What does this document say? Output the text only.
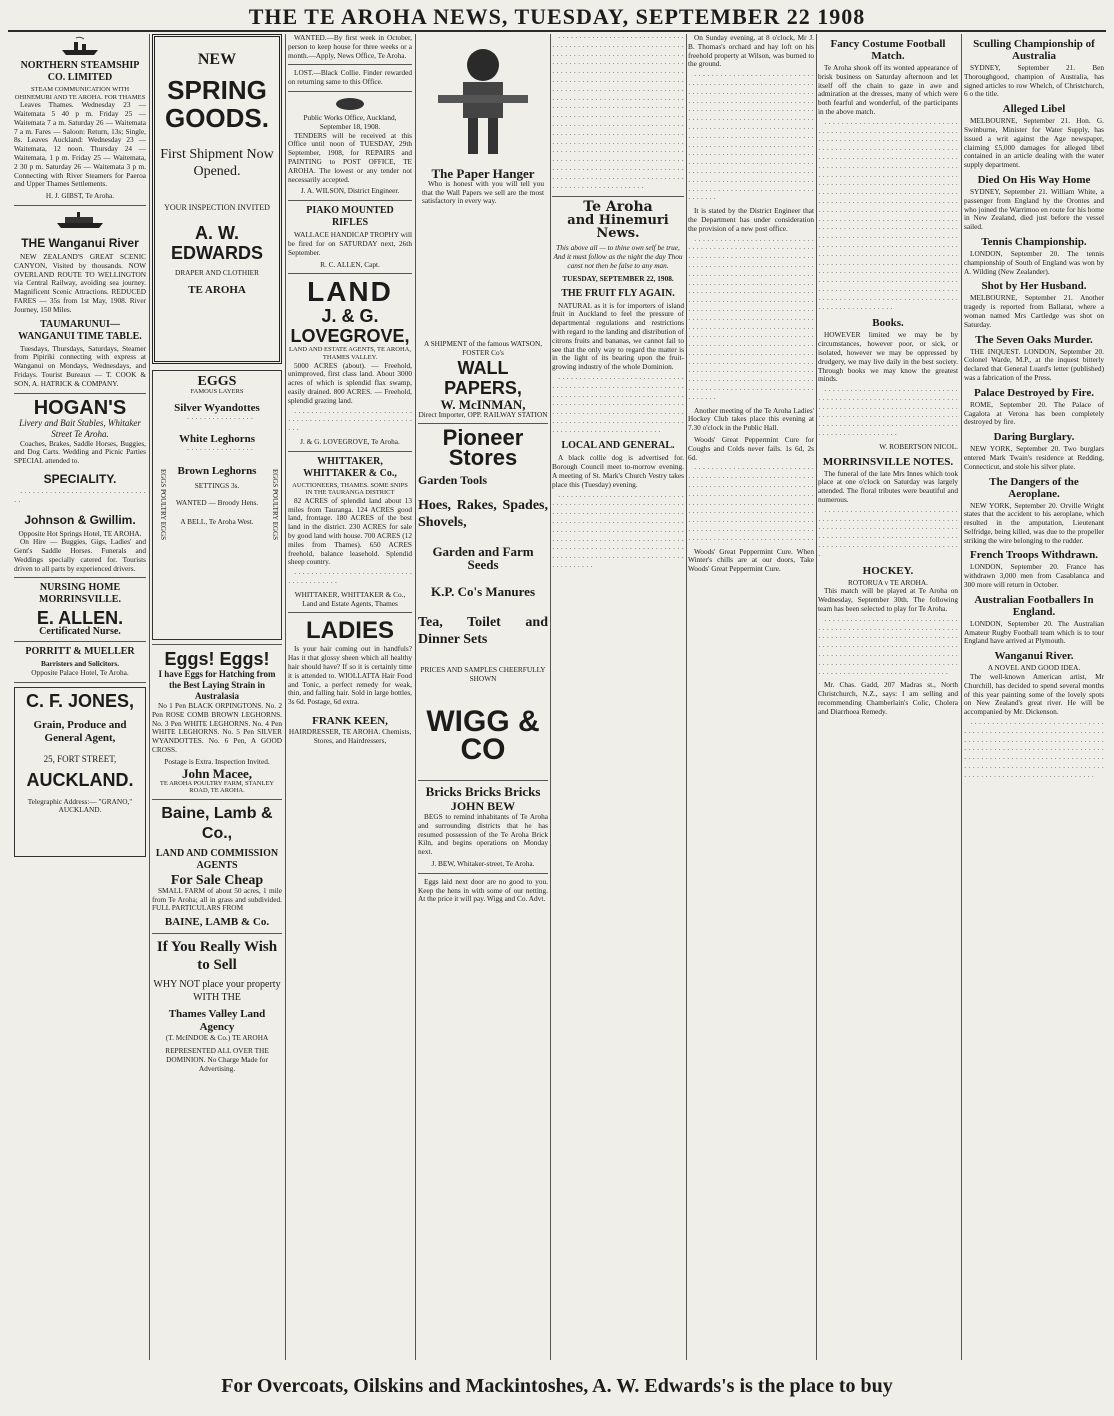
THE TE AROHA NEWS, TUESDAY, SEPTEMBER 22 1908
NORTHERN STEAMSHIP CO. LIMITED
STEAM COMMUNICATION WITH OHINEMURI AND TE AROHA. FOR THAMES
Leaves Thames. Wednesday 23 — Waitemata 5 40 p m. Friday 25 — Waitemata 7 a m. Saturday 26 — Waitemata 7 a m. Fares — Saloon: Return, 13s; Single, 8s. Leaves Auckland: Wednesday 23 — Waitemata, 12 noon. Thursday 24 — Waitemata, 1 p m. Friday 25 — Waitemata, 2 30 p m. Saturday 26 — Waitemata 3 p m. Connecting with River Steamers for Paeroa and Upper Thames Settlements.
H. J. GIBST, Te Aroha.
THE Wanganui River
NEW ZEALAND'S GREAT SCENIC CANYON, Visited by thousands. NOW OVERLAND ROUTE TO WELLINGTON via Central Railway, avoiding sea journey. Magnificent Scenic Attractions. REDUCED FARES — 35s from 1st May, 1908. River Journey, 150 Miles.
TAUMARUNUI—WANGANUI TIME TABLE.
Tuesdays, Thursdays, Saturdays, Steamer from Pipiriki connecting with express at Wanganui on Mondays, Wednesdays, and Fridays. Tourist Bureaux — T. COOK & SON, A. HATRICK & COMPANY.
HOGAN'S
Livery and Bait Stables, Whitaker Street Te Aroha.
Coaches, Brakes, Saddle Horses, Buggies, and Dog Carts. Wedding and Picnic Parties SPECIAL attended to.
SPECIALITY.
· · · · · · · · · · · · · · · · · · · · · · · · · · · · · · · ·
Johnson & Gwillim.
Opposite Hot Springs Hotel, TE AROHA.
On Hire — Buggies, Gigs, Ladies' and Gent's Saddle Horses. Funerals and Weddings specially catered for. Tourists driven to all parts by experienced drivers.
NURSING HOME MORRINSVILLE.
E. ALLEN.
Certificated Nurse.
PORRITT & MUELLER
Barristers and Solicitors.
Opposite Palace Hotel, Te Aroha.
C. F. JONES,
Grain, Produce and General Agent,
25, FORT STREET,
AUCKLAND.
Telegraphic Address:— "GRANO," AUCKLAND.
NEW
SPRING GOODS.
First Shipment Now Opened.
YOUR INSPECTION INVITED
A. W. EDWARDS
DRAPER AND CLOTHIER
TE AROHA
EGGS POULTRY EGGS	EGGS POULTRY EGGS
EGGS
FAMOUS LAYERS
Silver Wyandottes
· · · · · · · · · · · · · · · ·
White Leghorns
· · · · · · · · · · · · · · · ·
Brown Leghorns
SETTINGS 3s.
WANTED — Broody Hens.
A BELL, Te Aroha West.
Eggs! Eggs!
I have Eggs for Hatching from the Best Laying Strain in Australasia
No 1 Pen BLACK ORPINGTONS. No. 2 Pen ROSE COMB BROWN LEGHORNS. No. 3 Pen WHITE LEGHORNS. No. 4 Pen WHITE LEGHORNS. No. 5 Pen SILVER WYANDOTTES. No. 6 Pen, A GOOD CROSS.
Postage is Extra. Inspection Invited.
John Macee,
TE AROHA POULTRY FARM, STANLEY ROAD, TE AROHA.
Baine, Lamb & Co.,
LAND AND COMMISSION AGENTS
For Sale Cheap
SMALL FARM of about 50 acres, 1 mile from Te Aroha; all in grass and subdivided. FULL PARTICULARS FROM
BAINE, LAMB & Co.
If You Really Wish to Sell
WHY NOT place your property WITH THE
Thames Valley Land Agency
(T. McINDOE & Co.) TE AROHA
REPRESENTED ALL OVER THE DOMINION. No Charge Made for Advertising.
WANTED.—By first week in October, person to keep house for three weeks or a month.—Apply, News Office, Te Aroha.
LOST.—Black Collie. Finder rewarded on returning same to this Office.
Public Works Office, Auckland, September 18, 1908.
TENDERS will be received at this Office until noon of TUESDAY, 29th September, 1908, for REPAIRS and PAINTING to POST OFFICE, TE AROHA. The lowest or any tender not necessarily accepted.
J. A. WILSON, District Engineer.
PIAKO MOUNTED RIFLES
WALLACE HANDICAP TROPHY will be fired for on SATURDAY next, 26th September.
R. C. ALLEN, Capt.
LAND
J. & G. LOVEGROVE,
LAND AND ESTATE AGENTS, TE AROHA, THAMES VALLEY.
5000 ACRES (about). — Freehold, unimproved, first class land. About 3000 acres of which is splendid flax swamp, easily drained. 800 ACRES. — Freehold, splendid grazing land.
· · · · · · · · · · · · · · · · · · · · · · · · · · · · · · · · · · · · · · · · · · · · · · · · · · · · · · · · · · · ·
J. & G. LOVEGROVE, Te Aroha.
WHITTAKER, WHITTAKER & Co.,
AUCTIONEERS, THAMES. SOME SNIPS IN THE TAURANGA DISTRICT
82 ACRES of splendid land about 13 miles from Tauranga. 124 ACRES good land, frontage. 180 ACRES of the best land in the district. 230 ACRES for sale by good land with house. 700 ACRES (12 miles from Thames). 650 ACRES freehold, balance leasehold. Splendid sheep country.
· · · · · · · · · · · · · · · · · · · · · · · · · · · · · · · · · · · · · · · ·
WHITTAKER, WHITTAKER & Co., Land and Estate Agents, Thames
LADIES
Is your hair coming out in handfuls? Has it that glossy sheen which all healthy hair should have? If so it is certainly time it is attended to. WIOLLATTA Hair Food and Tonic, a perfect remedy for weak, thin, and falling hair. Sold in large bottles, 3s 6d. Postage, 6d extra.
FRANK KEEN,
HAIRDRESSER, TE AROHA. Chemists, Stores, and Hairdressers,
The Paper Hanger
Who is honest with you will tell you that the Wall Papers we sell are the most satisfactory in every way.
A SHIPMENT of the famous WATSON, FOSTER Co's
WALL PAPERS,
W. McINMAN,
Direct Importer, OPP. RAILWAY STATION
Pioneer Stores
Garden Tools
Hoes, Rakes, Spades, Shovels,
Garden and Farm Seeds
K.P. Co's Manures
Tea, Toilet and Dinner Sets
PRICES AND SAMPLES CHEERFULLY SHOWN
WIGG & CO
Bricks Bricks Bricks
JOHN BEW
BEGS to remind inhabitants of Te Aroha and surrounding districts that he has resumed possession of the Te Aroha Brick Kiln, and begins operations on Monday next.
J. BEW, Whitaker-street, Te Aroha.
Eggs laid next door are no good to you. Keep the hens in with some of our netting. At the price it will pay. Wigg and Co. Advt.
· · · · · · · · · · · · · · · · · · · · · · · · · · · · · · · · · · · · · · · · · · · · · · · · · · · · · · · · · · · · · · · · · · · · · · · · · · · · · · · · · · · · · · · · · · · · · · · · · · · · · · · · · · · · · · · · · · · · · · · · · · · · · · · · · · · · · · · · · · · · · · · · · · · · · · · · · · · · · · · · · · · · · · · · · · · · · · · · · · · · · · · · · · · · · · · · · · · · · · · · · · · · · · · · · · · · · · · · · · · · · · · · · · · · · · · · · · · · · · · · · · · · · · · · · · · · · · · · · · · · · · · · · · · · · · · · · · · · · · · · · · · · · · · · · · · · · · · · · · · · · · · · · · · · · · · · · · · · · · · · · · · · · · · · · · · · · · · · · · · · · · · · · · · · · · · · · · · · · · · · · · · · · · · · · · · · · · · · · · · · · · · · · · · · · · · · · · · · · · · · · · · · · · · · · · · · · · · · · · · · · · · · · · · · · · · · · · · · · · · · · · · · · · · · · · · · · · · · · · · · · · · · · · · · · · · · · · · · · · · · · · · · · · · · · · · · · · · · · · · · · · · · · · · · · · · · · · · · · · · · · · · · · · · · · · · · · · · · · · · · · · · · · · · ·
Te Aroha
and Hinemuri News.
This above all — to thine own self be true, And it must follow as the night the day Thou canst not then be false to any man.
TUESDAY, SEPTEMBER 22, 1908.
THE FRUIT FLY AGAIN.
NATURAL as it is for importers of island fruit in Auckland to feel the pressure of departmental regulations and restrictions with regard to the landing and distribution of citrons fruits and bananas, we cannot fail to see that the only way to regard the matter is in the light of its bearing upon the fruit-growing industry of the whole Dominion.
· · · · · · · · · · · · · · · · · · · · · · · · · · · · · · · · · · · · · · · · · · · · · · · · · · · · · · · · · · · · · · · · · · · · · · · · · · · · · · · · · · · · · · · · · · · · · · · · · · · · · · · · · · · · · · · · · · · · · · · · · · · · · · · · · · · · · · · · · · · · · · · · · · · · · · · · · · · · · · · · · · · · · · · · · · · · · · · · · · · · · · · · · · · · · · · · · · · · · · · · · · · · · · · · · · ·
LOCAL AND GENERAL.
A black collie dog is advertised for. Borough Council meet to-morrow evening. A meeting of St. Mark's Church Vestry takes place this (Tuesday) evening.
· · · · · · · · · · · · · · · · · · · · · · · · · · · · · · · · · · · · · · · · · · · · · · · · · · · · · · · · · · · · · · · · · · · · · · · · · · · · · · · · · · · · · · · · · · · · · · · · · · · · · · · · · · · · · · · · · · · · · · · · · · · · · · · · · · · · · · · · · · · · · · · · · · · · · · · · · · · · · · · · · · · · · · · · · · · · · · · · · · · · · · · · · · · · · · · · · · · · · · · · · · · · · · · · · · · · · · · · · · · · · · · · · · · · · · · · · · · · · · · · · · · · · · · · · · · · · · · · ·
On Sunday evening, at 8 o'clock, Mr J. B. Thomas's orchard and hay loft on his freehold property at Wilson, was burned to the ground.
· · · · · · · · · · · · · · · · · · · · · · · · · · · · · · · · · · · · · · · · · · · · · · · · · · · · · · · · · · · · · · · · · · · · · · · · · · · · · · · · · · · · · · · · · · · · · · · · · · · · · · · · · · · · · · · · · · · · · · · · · · · · · · · · · · · · · · · · · · · · · · · · · · · · · · · · · · · · · · · · · · · · · · · · · · · · · · · · · · · · · · · · · · · · · · · · · · · · · · · · · · · · · · · · · · · · · · · · · · · · · · · · · · · · · · · · · · · · · · · · · · · · · · · · · · · · · · · · · · · · · · · · · · · · · · · · · · · · · · · · · · · · · · · · · · · · · · · · · · · · · · · · · · · · · · · · · · · · · · · · · · · · · · · · · · · · · · · · · · · · · · · · · · · · · · · · · · · · · · · · · · · · · · · · · · · · · · · · · · · · · · · · · · · · · · · · · · · · · · · · · · · · · · · · · · · · · · · · · · · · · · · · ·
It is stated by the District Engineer that the Department has under consideration the provision of a new post office.
· · · · · · · · · · · · · · · · · · · · · · · · · · · · · · · · · · · · · · · · · · · · · · · · · · · · · · · · · · · · · · · · · · · · · · · · · · · · · · · · · · · · · · · · · · · · · · · · · · · · · · · · · · · · · · · · · · · · · · · · · · · · · · · · · · · · · · · · · · · · · · · · · · · · · · · · · · · · · · · · · · · · · · · · · · · · · · · · · · · · · · · · · · · · · · · · · · · · · · · · · · · · · · · · · · · · · · · · · · · · · · · · · · · · · · · · · · · · · · · · · · · · · · · · · · · · · · · · · · · · · · · · · · · · · · · · · · · · · · · · · · · · · · · · · · · · · · · · · · · · · · · · · · · · · · · · · · · · · · · · · · · · · · · · · · · · · · · · · · · · · · · · · · · · · · · · · · · · · · · · · · · · · · · · · · · · · · · · · · · · · · · · · · · · · · · · · · · · · · · · · · · · · · · · · · · · · · · · · · · · · · · · · · · · · · · · · · · · · · · · · · · · · · · · · · · · · · · · · · · · · · · · · · · · · · · · · · · · · · · · · · · · · · · · · · · · · · · · · · · · · · · · · · · · · · · · · · · · · · · · · · · · · · · · · · · · · · · · · · · · · · · · ·
Another meeting of the Te Aroha Ladies' Hockey Club takes place this evening at 7.30 o'clock in the Public Hall.
Woods' Great Peppermint Cure for Coughs and Colds never fails. 1s 6d, 2s 6d.
· · · · · · · · · · · · · · · · · · · · · · · · · · · · · · · · · · · · · · · · · · · · · · · · · · · · · · · · · · · · · · · · · · · · · · · · · · · · · · · · · · · · · · · · · · · · · · · · · · · · · · · · · · · · · · · · · · · · · · · · · · · · · · · · · · · · · · · · · · · · · · · · · · · · · · · · · · · · · · · · · · · · · · · · · · · · · · · · · · · · · · · · · · · · · · · · · · · · · · · · · · · · · · · · · · · · · · · · · · · · · · · · · · · · · · · · · · · · · · · · · · · · · · · · · · · · · · · · · · · · · · · · · · · ·
Woods' Great Peppermint Cure. When Winter's chills are at our doors, Take Woods' Great Peppermint Cure.
Fancy Costume Football Match.
Te Aroha shook off its wonted appearance of brisk business on Saturday afternoon and let itself off the chain to gaze in awe and admiration at the dresses, many of which were both fearful and wonderful, of the participants in the above match.
· · · · · · · · · · · · · · · · · · · · · · · · · · · · · · · · · · · · · · · · · · · · · · · · · · · · · · · · · · · · · · · · · · · · · · · · · · · · · · · · · · · · · · · · · · · · · · · · · · · · · · · · · · · · · · · · · · · · · · · · · · · · · · · · · · · · · · · · · · · · · · · · · · · · · · · · · · · · · · · · · · · · · · · · · · · · · · · · · · · · · · · · · · · · · · · · · · · · · · · · · · · · · · · · · · · · · · · · · · · · · · · · · · · · · · · · · · · · · · · · · · · · · · · · · · · · · · · · · · · · · · · · · · · · · · · · · · · · · · · · · · · · · · · · · · · · · · · · · · · · · · · · · · · · · · · · · · · · · · · · · · · · · · · · · · · · · · · · · · · · · · · · · · · · · · · · · · · · · · · · · · · · · · · · · · · · · · · · · · · · · · · · · · · · · · · · · · · · · · · · · · · · · · · · · · · · · · · · · · · · · · · · · · · · · · · · · · · · · · · · · · · · · · · · · · · · · · · · · · · · · · · · · · · · · · · · · · · · · · · · · · · · · · · · · · · · · · · · · · · · · · · · · · · · · · · · · · · · · · · · · · · · · · · · · · · · · · · · · · · · · · · · · · · · · · · · · · · · · · · · · · · · · · · · · · · · · · · · · · · · · · · · · · · · · · · · · · · · · · · · · · · · · · · · · · · · · · · · · · · · · · · · · · · · · · · · · · · · · · · · · · · · · · · · · · · · · · · · · · · · · · · · · · · · · · · · · · · · · · · · · · · · · · · · · · · · · · · · · · · · · · · · · · · · ·
Books.
HOWEVER limited we may be by circumstances, however poor, or sick, or isolated, however we may be oppressed by drudgery, we may live daily in the best society. Through books we may know the greatest minds.
· · · · · · · · · · · · · · · · · · · · · · · · · · · · · · · · · · · · · · · · · · · · · · · · · · · · · · · · · · · · · · · · · · · · · · · · · · · · · · · · · · · · · · · · · · · · · · · · · · · · · · · · · · · · · · · · · · · · · · · · · · · · · · · · · · · · · · · · · · · · · · · · · · · · · · · · · · · · · · · · · · · · · · · · · · · · · · · · · · · · · ·
W. ROBERTSON NICOL.
MORRINSVILLE NOTES.
The funeral of the late Mrs Innes which took place at one o'clock on Saturday was largely attended. The floral tributes were beautiful and numerous.
· · · · · · · · · · · · · · · · · · · · · · · · · · · · · · · · · · · · · · · · · · · · · · · · · · · · · · · · · · · · · · · · · · · · · · · · · · · · · · · · · · · · · · · · · · · · · · · · · · · · · · · · · · · · · · · · · · · · · · · · · · · · · · · · · · · · · · · · · · · · · · · · · · · · · · · · · · · · · · · · · · · ·
HOCKEY.
ROTORUA v TE AROHA.
This match will be played at Te Aroha on Wednesday, September 30th. The following team has been selected to play for Te Aroha.
· · · · · · · · · · · · · · · · · · · · · · · · · · · · · · · · · · · · · · · · · · · · · · · · · · · · · · · · · · · · · · · · · · · · · · · · · · · · · · · · · · · · · · · · · · · · · · · · · · · · · · · · · · · · · · · · · · · · · · · · · · · · · · · · · · · · · · · · · · · · · · · · · · · · · · · · · · · · · · · · · · · · · · · · · · · · · · · · · · · · · · · · · · · · · · · · · · · · · · · · · · · · · · · · · · · · · · · · · · · · · · · · · · ·
Mr. Chas. Gadd, 207 Madras st., North Christchurch, N.Z., says: I am selling and recommending Chamberlain's Colic, Cholera and Diarrhoea Remedy.
Sculling Championship of Australia
SYDNEY, September 21. Ben Thoroughgood, champion of Australia, has signed articles to row Whelch, of Christchurch, 6 o the title.
Alleged Libel
MELBOURNE, September 21. Hon. G. Swinburne, Minister for Water Supply, has issued a writ against the Age newspaper, claiming £5,000 damages for alleged libel contained in an article dealing with the water supply department.
Died On His Way Home
SYDNEY, September 21. William White, a passenger from England by the Orontes and who joined the Warrimoo en route for his home in New Zealand, died just before the vessel sailed.
Tennis Championship.
LONDON, September 20. The tennis championship of South of England was won by A. Wilding (New Zealander).
Shot by Her Husband.
MELBOURNE, September 21. Another tragedy is reported from Ballarat, where a woman named Mrs Cartledge was shot on Saturday.
The Seven Oaks Murder.
THE INQUEST. LONDON, September 20. Colonel Warde, M.P., at the inquest bitterly declared that General Luard's letter (published) was a fabrication of the Press.
Palace Destroyed by Fire.
ROME, September 20. The Palace of Cagalota at Verona has been completely destroyed by fire.
Daring Burglary.
NEW YORK, September 20. Two burglars entered Mark Twain's residence at Redding, Connecticut, and stole his silver plate.
The Dangers of the Aeroplane.
NEW YORK, September 20. Orville Wright states that the accident to his aeroplane, which resulted in the amputation, Lieutenant Selfridge, being killed, was due to the propeller striking the wire belonging to the rudder.
French Troops Withdrawn.
LONDON, September 20. France has withdrawn 3,000 men from Casablanca and 300 more will return in October.
Australian Footballers In England.
LONDON, September 20. The Australian Amateur Rugby Football team which is to tour England have arrived at Plymouth.
Wanganui River.
A NOVEL AND GOOD IDEA.
The well-known American artist, Mr Churchill, has decided to spend several months of this year painting some of the lovely spots on New Zealand's great river. He will be accompanied by Mr. Dickenson.
· · · · · · · · · · · · · · · · · · · · · · · · · · · · · · · · · · · · · · · · · · · · · · · · · · · · · · · · · · · · · · · · · · · · · · · · · · · · · · · · · · · · · · · · · · · · · · · · · · · · · · · · · · · · · · · · · · · · · · · · · · · · · · · · · · · · · · · · · · · · · · · · · · · · · · · · · · · · · · · · · · · · · · · · · · · · · · · · · · · · · · · · · · · · · · · · · · · · · · · · · · · · · · · · · · · · · · · · · · · · · · · · · · ·
For Overcoats, Oilskins and Mackintoshes, A. W. Edwards's is the place to buy
